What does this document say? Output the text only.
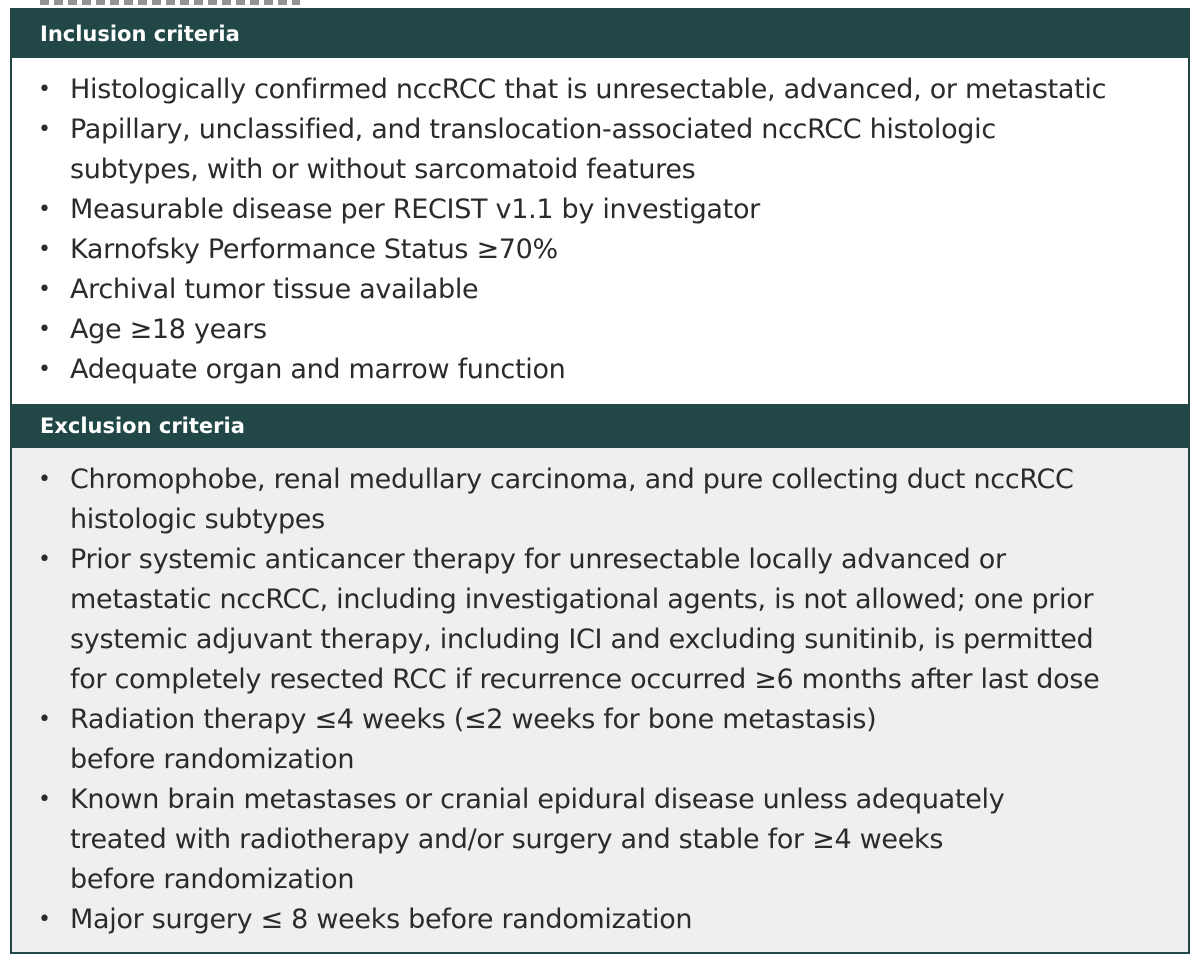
Inclusion criteria
• Histologically confirmed nccRCC that is unresectable, advanced, or metastatic
• Papillary, unclassified, and translocation-associated nccRCC histologic
subtypes, with or without sarcomatoid features
• Measurable disease per RECIST v1.1 by investigator
• Karnofsky Performance Status ≥70%
• Archival tumor tissue available
• Age ≥18 years
• Adequate organ and marrow function
Exclusion criteria
• Chromophobe, renal medullary carcinoma, and pure collecting duct nccRCC
histologic subtypes
• Prior systemic anticancer therapy for unresectable locally advanced or
metastatic nccRCC, including investigational agents, is not allowed; one prior
systemic adjuvant therapy, including ICI and excluding sunitinib, is permitted
for completely resected RCC if recurrence occurred ≥6 months after last dose
• Radiation therapy ≤4 weeks (≤2 weeks for bone metastasis)
before randomization
• Known brain metastases or cranial epidural disease unless adequately
treated with radiotherapy and/or surgery and stable for ≥4 weeks
before randomization
• Major surgery ≤ 8 weeks before randomization
